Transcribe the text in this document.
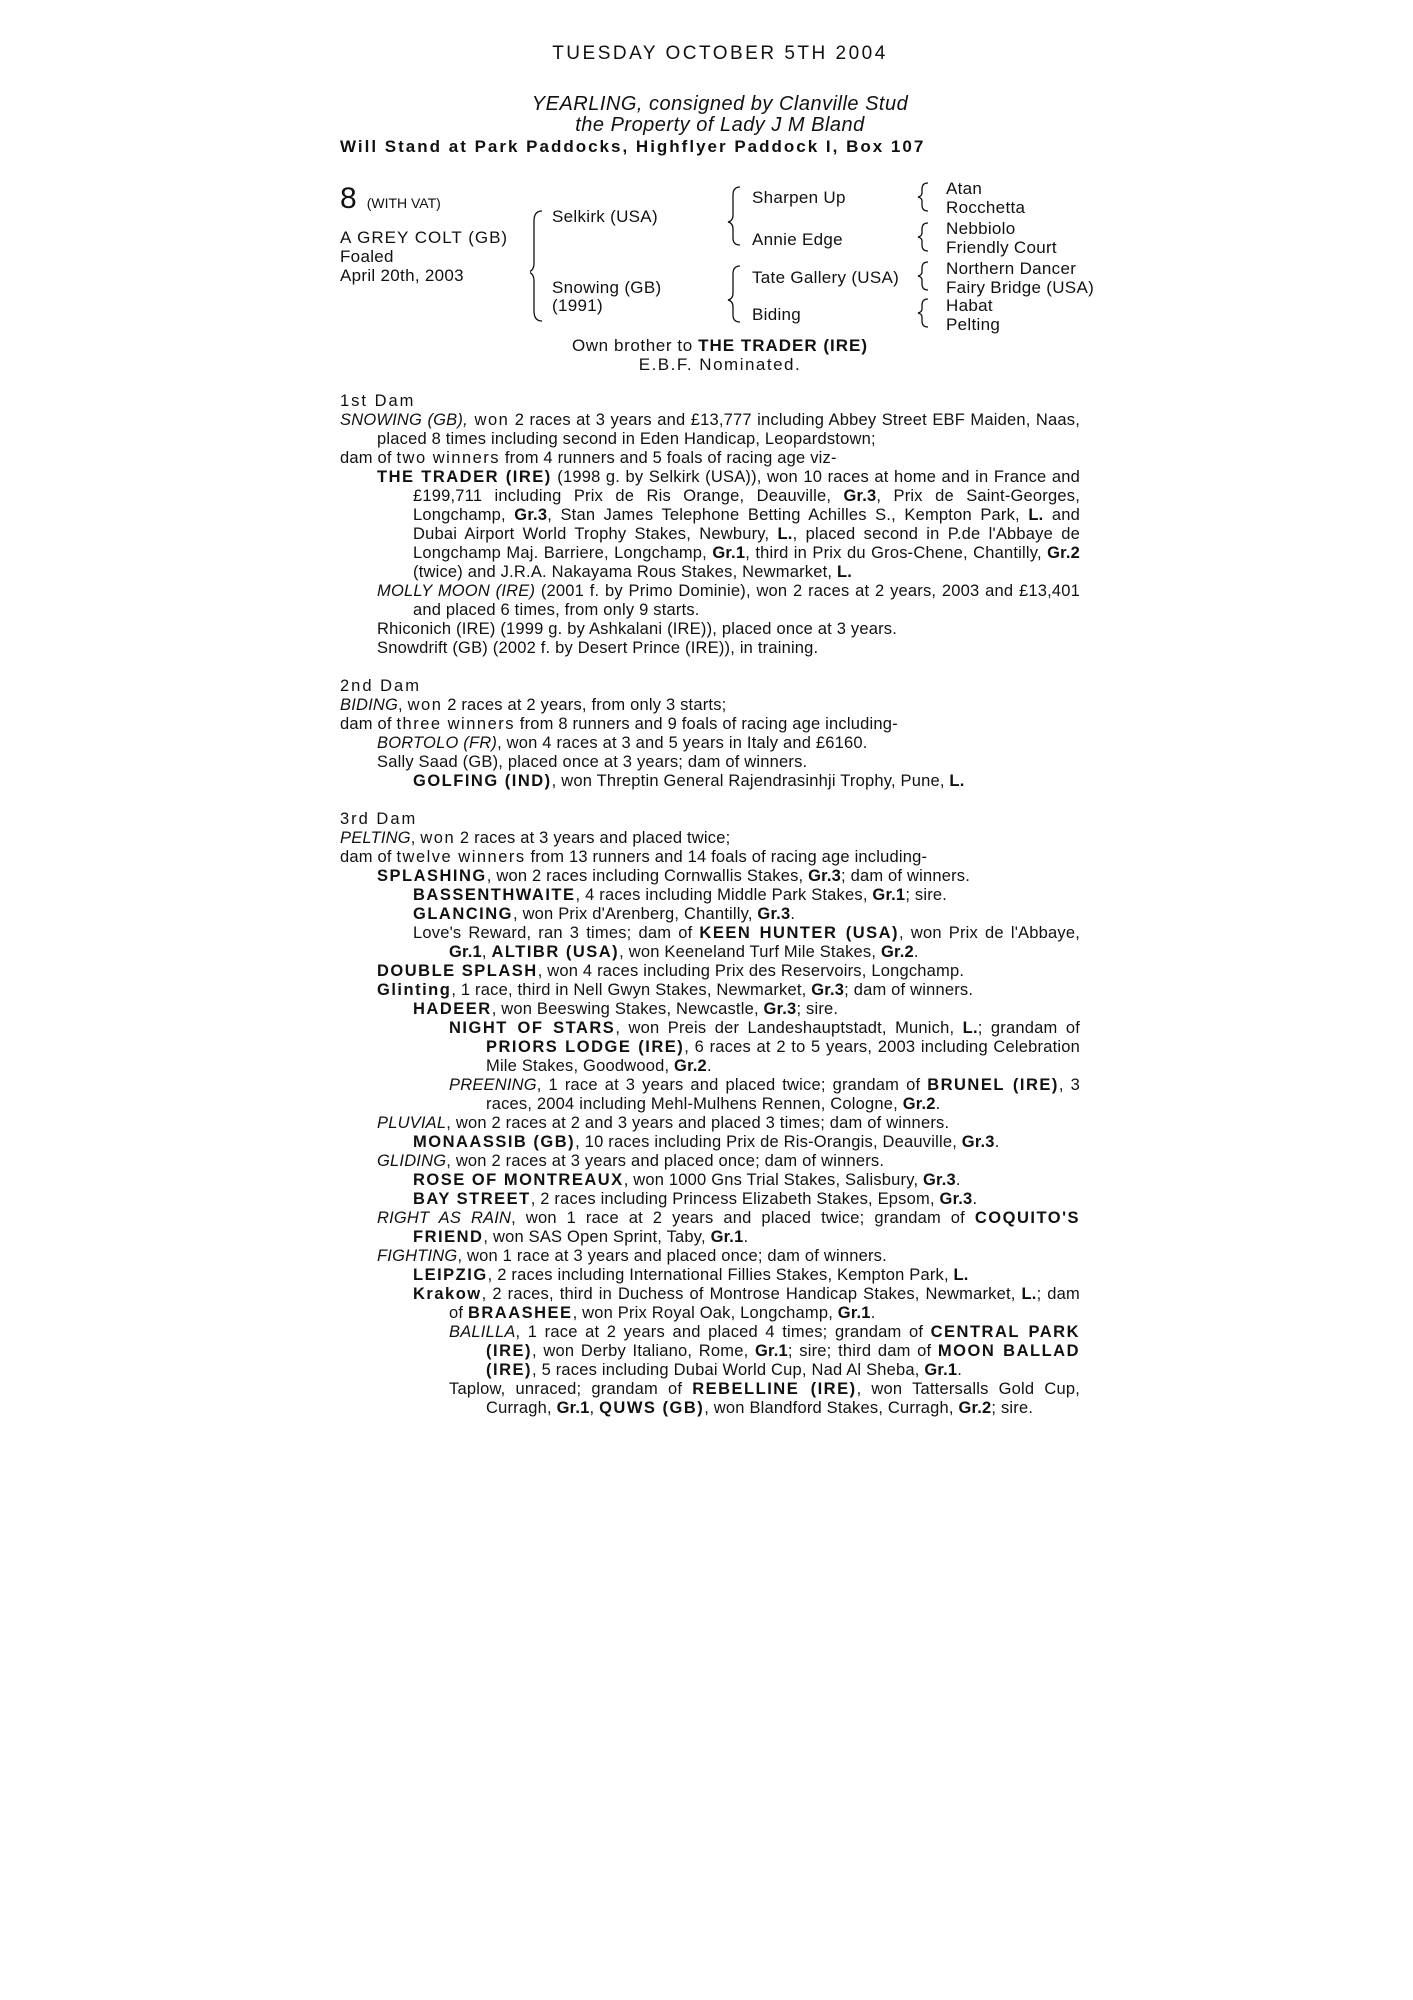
TUESDAY OCTOBER 5TH 2004
YEARLING, consigned by Clanville Stud
the Property of Lady J M Bland
Will Stand at Park Paddocks, Highflyer Paddock I, Box 107
8 (WITH VAT)
A GREY COLT (GB)
Foaled
April 20th, 2003
Selkirk (USA)
Snowing (GB)
(1991)
Sharpen Up
Annie Edge
Tate Gallery (USA)
Biding
Atan
Rocchetta
Nebbiolo
Friendly Court
Northern Dancer
Fairy Bridge (USA)
Habat
Pelting
Own brother to THE TRADER (IRE)
E.B.F. Nominated.

1st Dam

SNOWING (GB), won 2 races at 3 years and £13,777 including Abbey Street EBF Maiden, Naas, placed 8 times including second in Eden Handicap, Leopardstown;

dam of two winners from 4 runners and 5 foals of racing age viz-

THE TRADER (IRE) (1998 g. by Selkirk (USA)), won 10 races at home and in France and £199,711 including Prix de Ris Orange, Deauville, Gr.3, Prix de Saint-Georges, Longchamp, Gr.3, Stan James Telephone Betting Achilles S., Kempton Park, L. and Dubai Airport World Trophy Stakes, Newbury, L., placed second in P.de l'Abbaye de Longchamp Maj. Barriere, Longchamp, Gr.1, third in Prix du Gros-Chene, Chantilly, Gr.2 (twice) and J.R.A. Nakayama Rous Stakes, Newmarket, L.

MOLLY MOON (IRE) (2001 f. by Primo Dominie), won 2 races at 2 years, 2003 and £13,401 and placed 6 times, from only 9 starts.

Rhiconich (IRE) (1999 g. by Ashkalani (IRE)), placed once at 3 years.

Snowdrift (GB) (2002 f. by Desert Prince (IRE)), in training.

2nd Dam

BIDING, won 2 races at 2 years, from only 3 starts;

dam of three winners from 8 runners and 9 foals of racing age including-

BORTOLO (FR), won 4 races at 3 and 5 years in Italy and £6160.

Sally Saad (GB), placed once at 3 years; dam of winners.

GOLFING (IND), won Threptin General Rajendrasinhji Trophy, Pune, L.

3rd Dam

PELTING, won 2 races at 3 years and placed twice;

dam of twelve winners from 13 runners and 14 foals of racing age including-

SPLASHING, won 2 races including Cornwallis Stakes, Gr.3; dam of winners.

BASSENTHWAITE, 4 races including Middle Park Stakes, Gr.1; sire.

GLANCING, won Prix d'Arenberg, Chantilly, Gr.3.

Love's Reward, ran 3 times; dam of KEEN HUNTER (USA), won Prix de l'Abbaye, Gr.1, ALTIBR (USA), won Keeneland Turf Mile Stakes, Gr.2.

DOUBLE SPLASH, won 4 races including Prix des Reservoirs, Longchamp.

Glinting, 1 race, third in Nell Gwyn Stakes, Newmarket, Gr.3; dam of winners.

HADEER, won Beeswing Stakes, Newcastle, Gr.3; sire.

NIGHT OF STARS, won Preis der Landeshauptstadt, Munich, L.; grandam of PRIORS LODGE (IRE), 6 races at 2 to 5 years, 2003 including Celebration Mile Stakes, Goodwood, Gr.2.

PREENING, 1 race at 3 years and placed twice; grandam of BRUNEL (IRE), 3 races, 2004 including Mehl-Mulhens Rennen, Cologne, Gr.2.

PLUVIAL, won 2 races at 2 and 3 years and placed 3 times; dam of winners.

MONAASSIB (GB), 10 races including Prix de Ris-Orangis, Deauville, Gr.3.

GLIDING, won 2 races at 3 years and placed once; dam of winners.

ROSE OF MONTREAUX, won 1000 Gns Trial Stakes, Salisbury, Gr.3.

BAY STREET, 2 races including Princess Elizabeth Stakes, Epsom, Gr.3.

RIGHT AS RAIN, won 1 race at 2 years and placed twice; grandam of COQUITO'S FRIEND, won SAS Open Sprint, Taby, Gr.1.

FIGHTING, won 1 race at 3 years and placed once; dam of winners.

LEIPZIG, 2 races including International Fillies Stakes, Kempton Park, L.

Krakow, 2 races, third in Duchess of Montrose Handicap Stakes, Newmarket, L.; dam of BRAASHEE, won Prix Royal Oak, Longchamp, Gr.1.

BALILLA, 1 race at 2 years and placed 4 times; grandam of CENTRAL PARK (IRE), won Derby Italiano, Rome, Gr.1; sire; third dam of MOON BALLAD (IRE), 5 races including Dubai World Cup, Nad Al Sheba, Gr.1.

Taplow, unraced; grandam of REBELLINE (IRE), won Tattersalls Gold Cup, Curragh, Gr.1, QUWS (GB), won Blandford Stakes, Curragh, Gr.2; sire.
